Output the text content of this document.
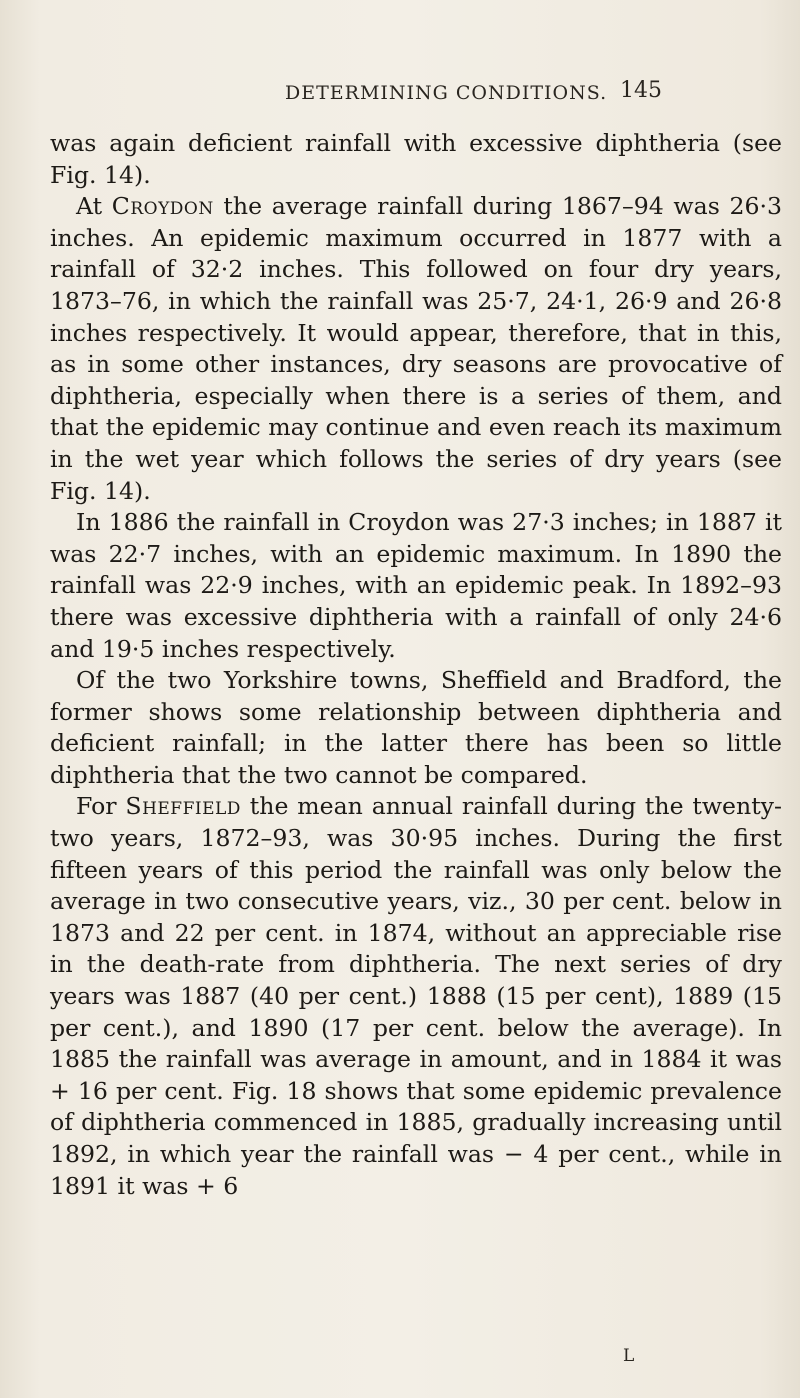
DETERMINING CONDITIONS. 145

was again deficient rainfall with excessive diphtheria (see Fig. 14).

At Croydon the average rainfall during 1867–94 was 26·3 inches. An epidemic maximum occurred in 1877 with a rainfall of 32·2 inches. This followed on four dry years, 1873–76, in which the rainfall was 25·7, 24·1, 26·9 and 26·8 inches respectively. It would appear, therefore, that in this, as in some other instances, dry seasons are provocative of diphtheria, especially when there is a series of them, and that the epidemic may continue and even reach its maximum in the wet year which follows the series of dry years (see Fig. 14).

In 1886 the rainfall in Croydon was 27·3 inches; in 1887 it was 22·7 inches, with an epidemic maximum. In 1890 the rainfall was 22·9 inches, with an epidemic peak. In 1892–93 there was excessive diphtheria with a rainfall of only 24·6 and 19·5 inches respectively.

Of the two Yorkshire towns, Sheffield and Bradford, the former shows some relationship between diphtheria and deficient rainfall; in the latter there has been so little diphtheria that the two cannot be compared.

For Sheffield the mean annual rainfall during the twenty-two years, 1872–93, was 30·95 inches. During the first fifteen years of this period the rainfall was only below the average in two consecutive years, viz., 30 per cent. below in 1873 and 22 per cent. in 1874, without an appreciable rise in the death-rate from diphtheria. The next series of dry years was 1887 (40 per cent.) 1888 (15 per cent), 1889 (15 per cent.), and 1890 (17 per cent. below the average). In 1885 the rainfall was average in amount, and in 1884 it was + 16 per cent. Fig. 18 shows that some epidemic prevalence of diphtheria commenced in 1885, gradually increasing until 1892, in which year the rainfall was − 4 per cent., while in 1891 it was + 6

L
